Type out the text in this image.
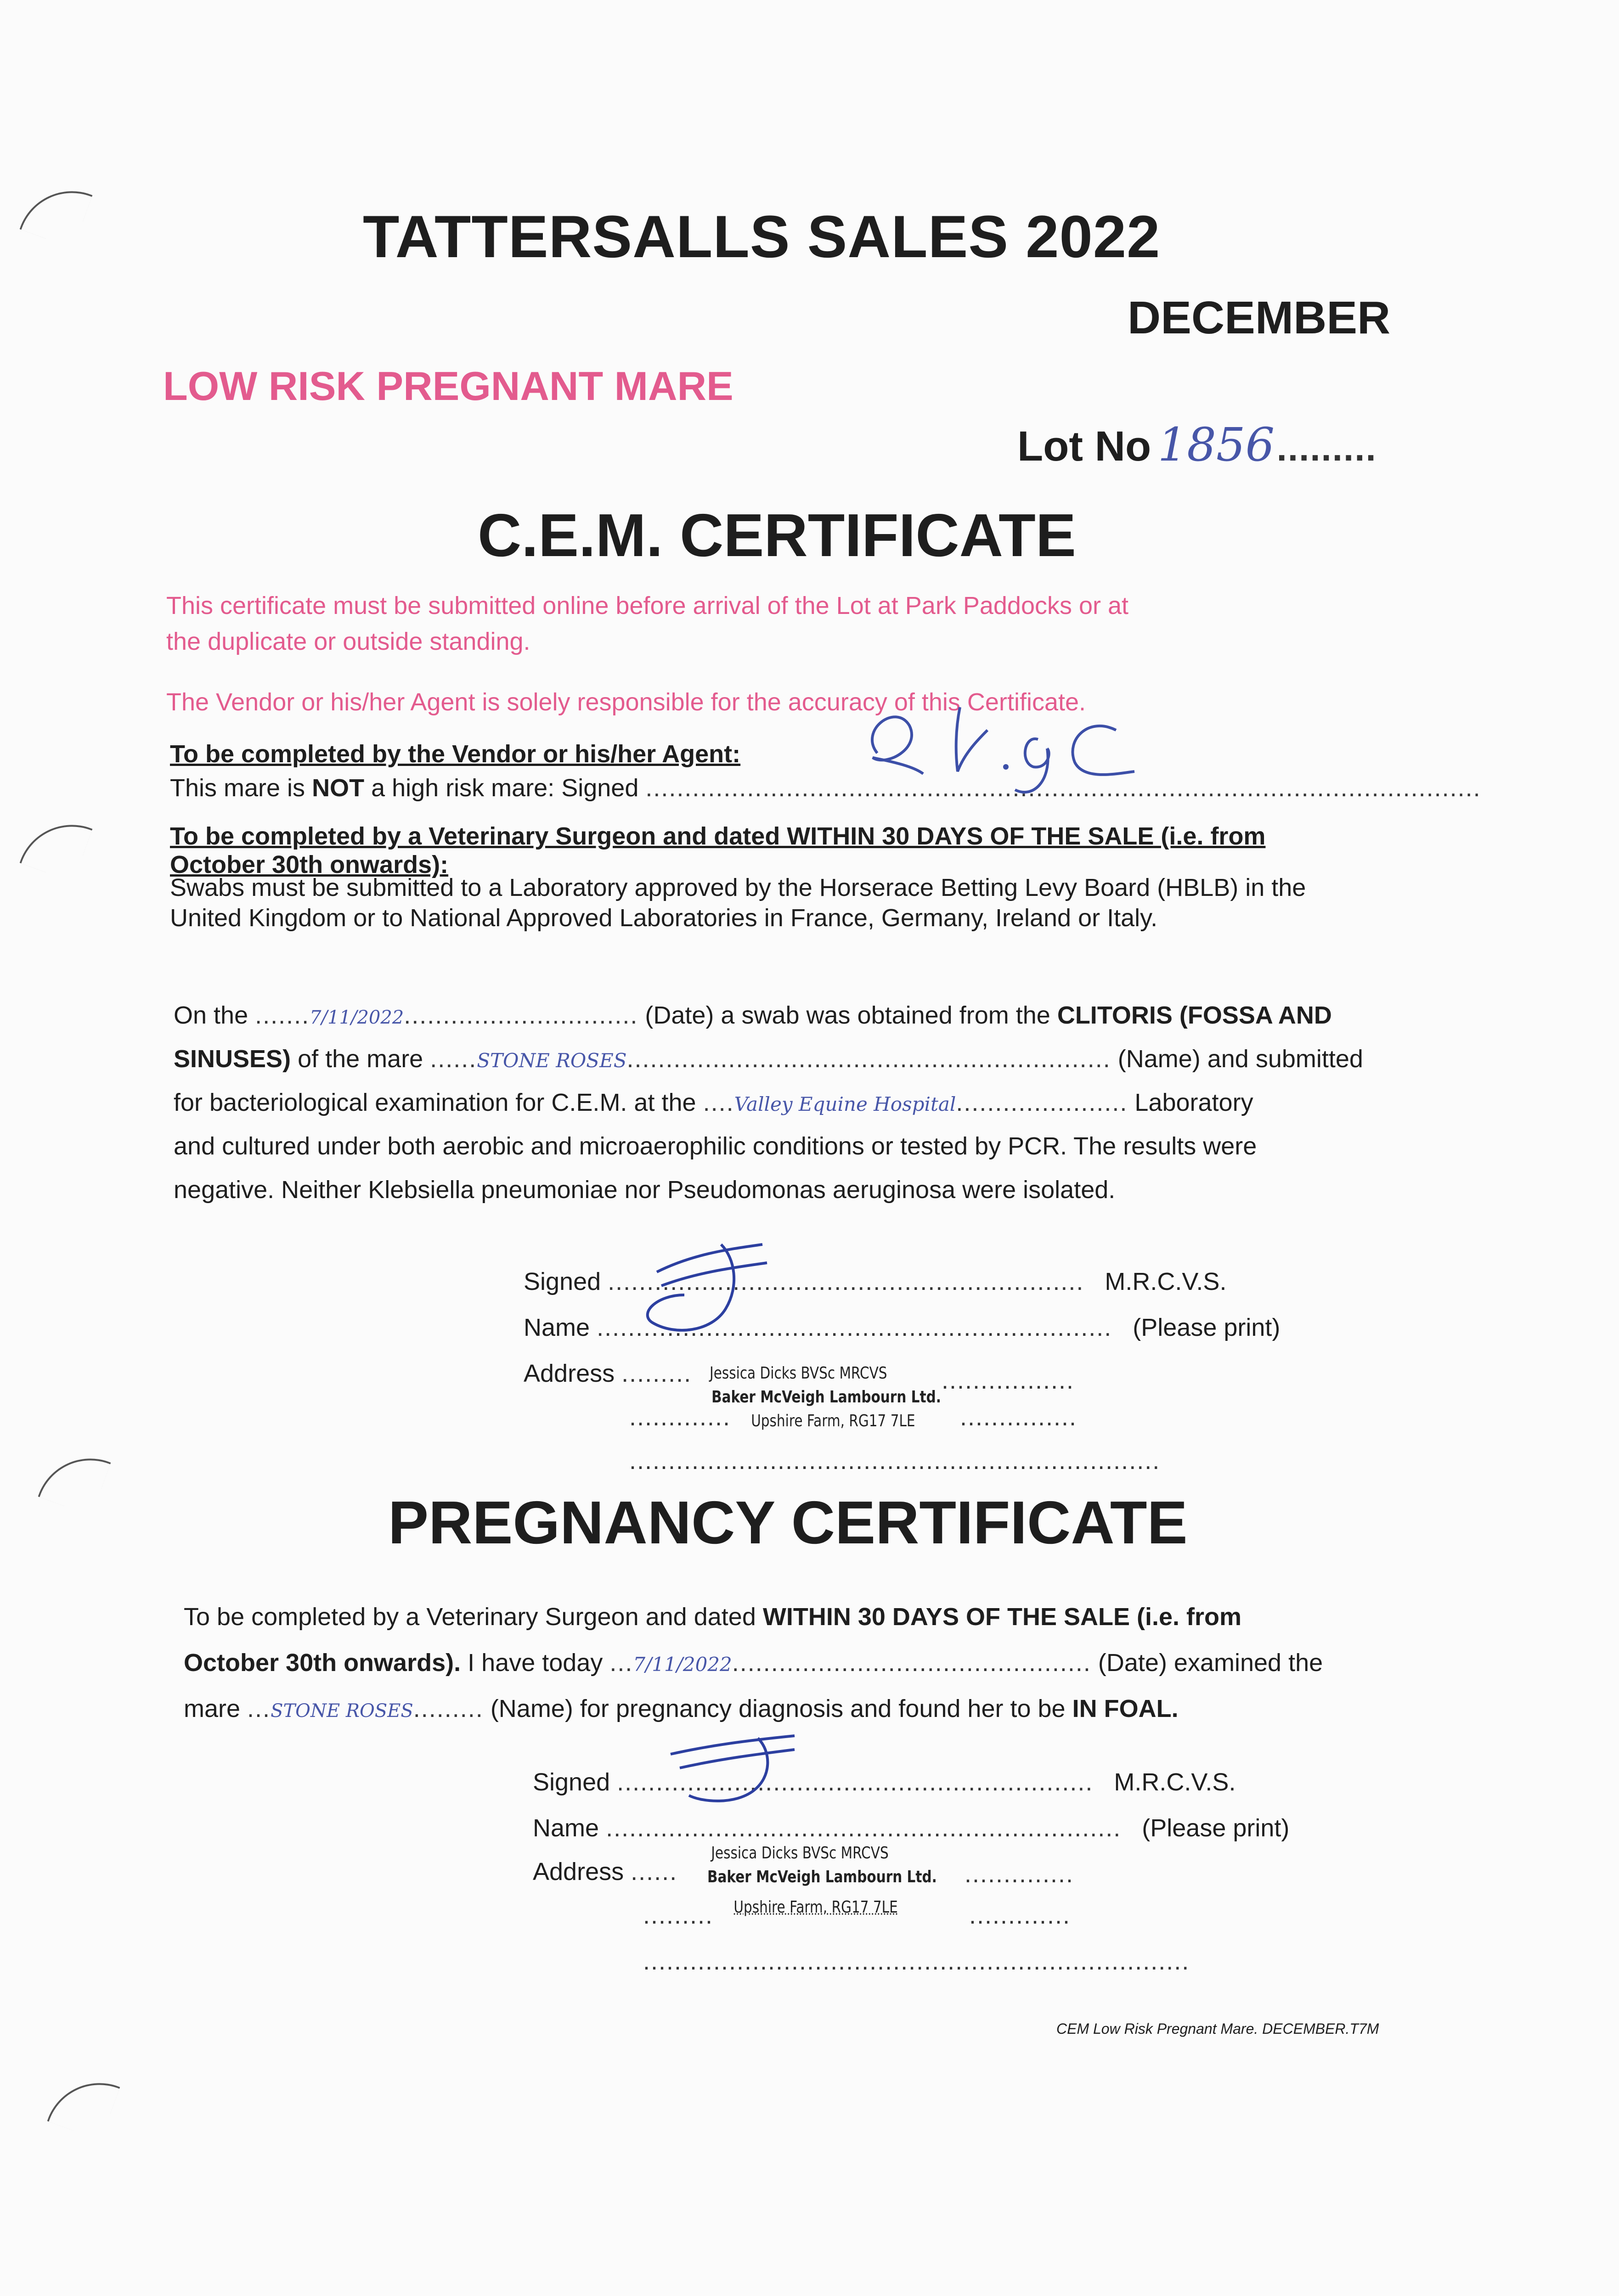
TATTERSALLS SALES 2022
DECEMBER
LOW RISK PREGNANT MARE
Lot No 1856 .........
C.E.M. CERTIFICATE
This certificate must be submitted online before arrival of the Lot at Park Paddocks or at
the duplicate or outside standing.
The Vendor or his/her Agent is solely responsible for the accuracy of this Certificate.
To be completed by the Vendor or his/her Agent:
This mare is NOT a high risk mare: Signed ...........................................................................................................
To be completed by a Veterinary Surgeon and dated WITHIN 30 DAYS OF THE SALE (i.e. from
October 30th onwards):
Swabs must be submitted to a Laboratory approved by the Horserace Betting Levy Board (HBLB) in the
United Kingdom or to National Approved Laboratories in France, Germany, Ireland or Italy.
On the .......7/11/2022.............................. (Date) a swab was obtained from the CLITORIS (FOSSA AND
SINUSES) of the mare ......STONE ROSES.............................................................. (Name) and submitted
for bacteriological examination for C.E.M. at the ....Valley Equine Hospital...................... Laboratory
and cultured under both aerobic and microaerophilic conditions or tested by PCR. The results were
negative. Neither Klebsiella pneumoniae nor Pseudomonas aeruginosa were isolated.
Signed ............................................................. M.R.C.V.S.
Name .................................................................. (Please print)
Address ......... Jessica Dicks BVSc MRCVS
Baker McVeigh Lambourn Ltd.
Upshire Farm, RG17 7LE
.................
.............	...............
....................................................................
PREGNANCY CERTIFICATE
To be completed by a Veterinary Surgeon and dated WITHIN 30 DAYS OF THE SALE (i.e. from
October 30th onwards). I have today ...7/11/2022.............................................. (Date) examined the
mare ...STONE ROSES......... (Name) for pregnancy diagnosis and found her to be IN FOAL.
Signed ............................................................. M.R.C.V.S.
Name .................................................................. (Please print)
Address ......
Jessica Dicks BVSc MRCVS
Baker McVeigh Lambourn Ltd.
Upshire Farm, RG17 7LE
..............
.........	.............
......................................................................
CEM Low Risk Pregnant Mare. DECEMBER.T7M
